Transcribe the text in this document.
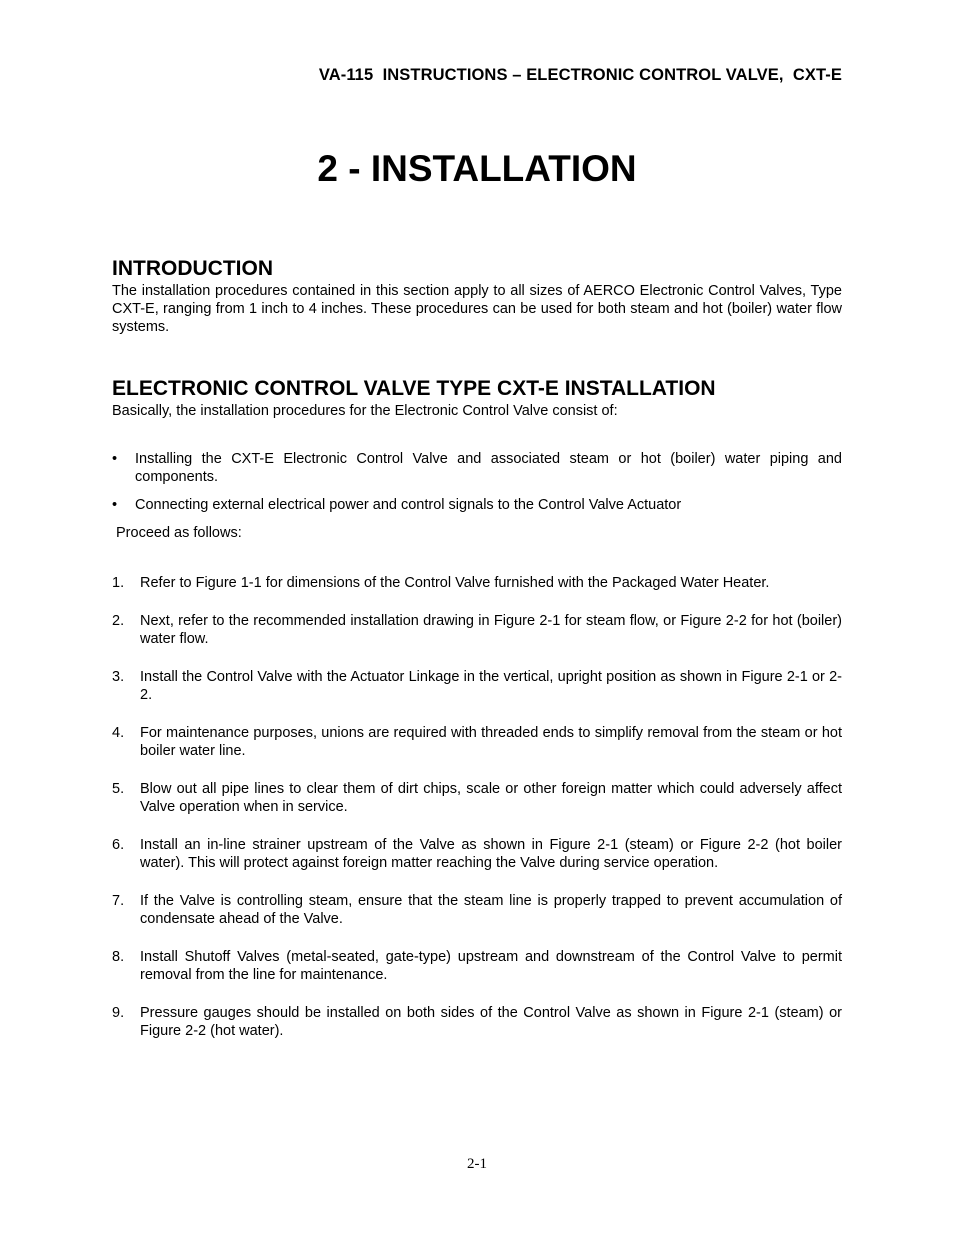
VA-115  INSTRUCTIONS – ELECTRONIC CONTROL VALVE,  CXT-E
2 - INSTALLATION
INTRODUCTION

The installation procedures contained in this section apply to all sizes of AERCO Electronic Control Valves, Type CXT-E, ranging from 1 inch to 4 inches. These procedures can be used for both steam and hot (boiler) water flow systems.

ELECTRONIC CONTROL VALVE TYPE CXT-E INSTALLATION

Basically, the installation procedures for the Electronic Control Valve consist of:

•	Installing the CXT-E Electronic Control Valve and associated steam or hot (boiler) water piping and components.
•	Connecting external electrical power and control signals to the Control Valve Actuator

Proceed as follows:

1. Refer to Figure 1-1 for dimensions of the Control Valve furnished with the Packaged Water Heater.
2. Next, refer to the recommended installation drawing in Figure 2-1 for steam flow, or Figure 2-2 for hot (boiler) water flow.
3. Install the Control Valve with the Actuator Linkage in the vertical, upright position as shown in Figure 2-1 or 2-2.
4. For maintenance purposes, unions are required with threaded ends to simplify removal from the steam or hot boiler water line.
5. Blow out all pipe lines to clear them of dirt chips, scale or other foreign matter which could adversely affect Valve operation when in service.
6. Install an in-line strainer upstream of the Valve as shown in Figure 2-1 (steam) or Figure 2-2 (hot boiler water). This will protect against foreign matter reaching the Valve during service operation.
7. If the Valve is controlling steam, ensure that the steam line is properly trapped to prevent accumulation of condensate ahead of the Valve.
8. Install Shutoff Valves (metal-seated, gate-type) upstream and downstream of the Control Valve to permit removal from the line for maintenance.
9. Pressure gauges should be installed on both sides of the Control Valve as shown in Figure 2-1 (steam) or Figure 2-2 (hot water).
2-1
